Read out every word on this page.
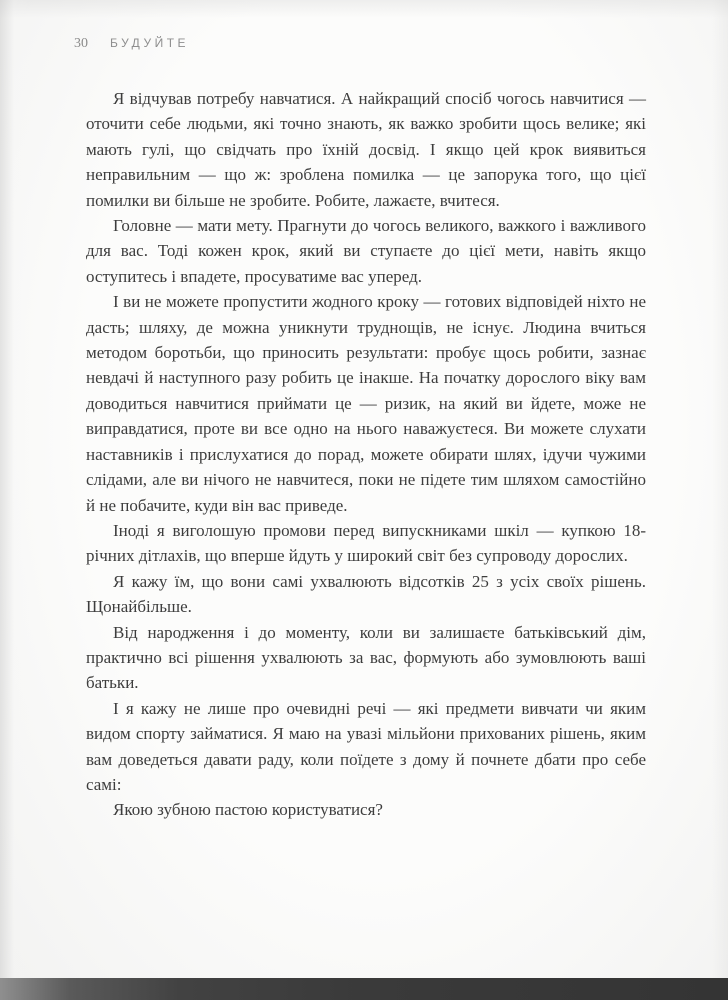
30 БУДУЙТЕ

Я відчував потребу навчатися. А найкращий спосіб чогось навчитися — оточити себе людьми, які точно знають, як важко зробити щось велике; які мають гулі, що свідчать про їхній досвід. І якщо цей крок виявиться неправильним — що ж: зроблена помилка — це запорука того, що цієї помилки ви більше не зробите. Робите, лажаєте, вчитеся.

Головне — мати мету. Прагнути до чогось великого, важкого і важливого для вас. Тоді кожен крок, який ви ступаєте до цієї мети, навіть якщо оступитесь і впадете, просуватиме вас уперед.

І ви не можете пропустити жодного кроку — готових відповідей ніхто не дасть; шляху, де можна уникнути труднощів, не існує. Людина вчиться методом боротьби, що приносить результати: пробує щось робити, зазнає невдачі й наступного разу робить це інакше. На початку дорослого віку вам доводиться навчитися приймати це — ризик, на який ви йдете, може не виправдатися, проте ви все одно на нього наважуєтеся. Ви можете слухати наставників і прислухатися до порад, можете обирати шлях, ідучи чужими слідами, але ви нічого не навчитеся, поки не підете тим шляхом самостійно й не побачите, куди він вас приведе.

Іноді я виголошую промови перед випускниками шкіл — купкою 18-річних дітлахів, що вперше йдуть у широкий світ без супроводу дорослих.

Я кажу їм, що вони самі ухвалюють відсотків 25 з усіх своїх рішень. Щонайбільше.

Від народження і до моменту, коли ви залишаєте батьківський дім, практично всі рішення ухвалюють за вас, формують або зумовлюють ваші батьки.

І я кажу не лише про очевидні речі — які предмети вивчати чи яким видом спорту займатися. Я маю на увазі мільйони прихованих рішень, яким вам доведеться давати раду, коли поїдете з дому й почнете дбати про себе самі:

Якою зубною пастою користуватися?
